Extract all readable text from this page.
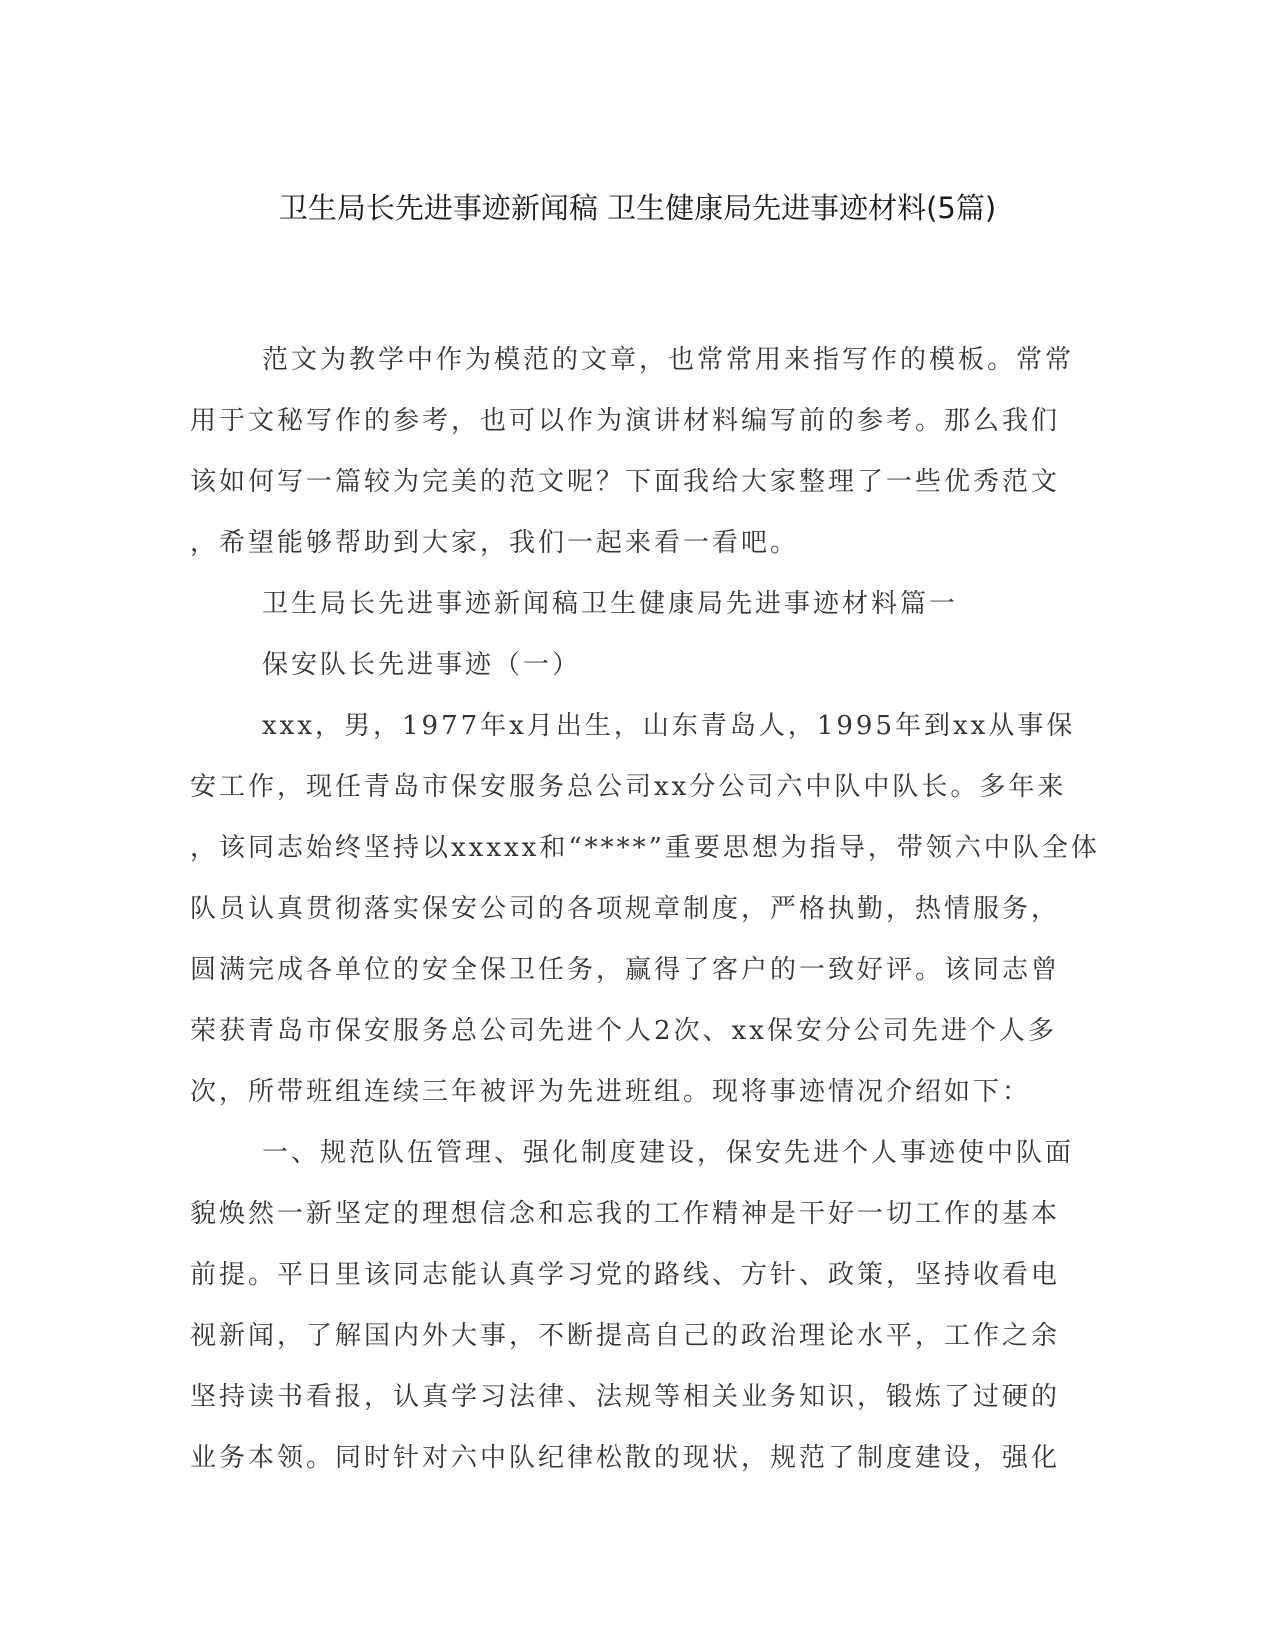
卫生局长先进事迹新闻稿 卫生健康局先进事迹材料(5篇)
范文为教学中作为模范的文章，也常常用来指写作的模板。常常
用于文秘写作的参考，也可以作为演讲材料编写前的参考。那么我们
该如何写一篇较为完美的范文呢？下面我给大家整理了一些优秀范文
，希望能够帮助到大家，我们一起来看一看吧。
卫生局长先进事迹新闻稿卫生健康局先进事迹材料篇一
保安队长先进事迹（一）
xxx，男，1977年x月出生，山东青岛人，1995年到xx从事保
安工作，现任青岛市保安服务总公司xx分公司六中队中队长。多年来
，该同志始终坚持以xxxxx和“****”重要思想为指导，带领六中队全体
队员认真贯彻落实保安公司的各项规章制度，严格执勤，热情服务，
圆满完成各单位的安全保卫任务，赢得了客户的一致好评。该同志曾
荣获青岛市保安服务总公司先进个人2次、xx保安分公司先进个人多
次，所带班组连续三年被评为先进班组。现将事迹情况介绍如下：
一、规范队伍管理、强化制度建设，保安先进个人事迹使中队面
貌焕然一新坚定的理想信念和忘我的工作精神是干好一切工作的基本
前提。平日里该同志能认真学习党的路线、方针、政策，坚持收看电
视新闻，了解国内外大事，不断提高自己的政治理论水平，工作之余
坚持读书看报，认真学习法律、法规等相关业务知识，锻炼了过硬的
业务本领。同时针对六中队纪律松散的现状，规范了制度建设，强化
